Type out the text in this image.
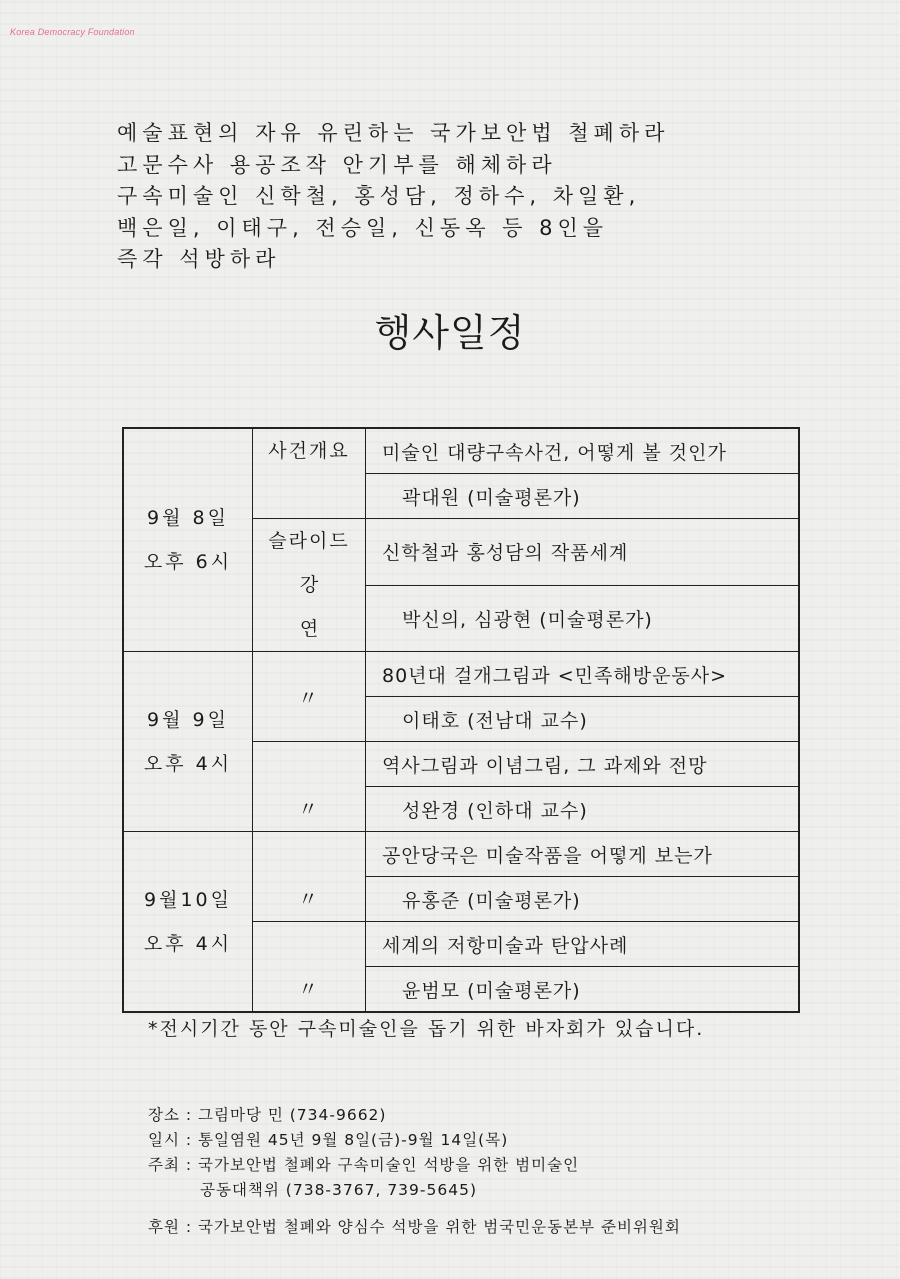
Korea Democracy Foundation
예술표현의 자유 유린하는 국가보안법 철폐하라
고문수사 용공조작 안기부를 해체하라
구속미술인 신학철, 홍성담, 정하수, 차일환,
백은일, 이태구, 전승일, 신동옥 등 8인을
즉각 석방하라
행사일정
9월 8일
오후 6시	사건개요	미술인 대량구속사건, 어떻게 볼 것인가
		곽대원 (미술평론가)

	슬라이드
강 연	신학철과 홍성담의 작품세계
		박신의, 심광현 (미술평론가)

9월 9일
오후 4시	〃	80년대 걸개그림과 <민족해방운동사>
		이태호 (전남대 교수)

	〃	역사그림과 이념그림, 그 과제와 전망
		성완경 (인하대 교수)

9월10일
오후 4시	〃	공안당국은 미술작품을 어떻게 보는가
		유홍준 (미술평론가)

	〃	세계의 저항미술과 탄압사례
		윤범모 (미술평론가)
*전시기간 동안 구속미술인을 돕기 위한 바자회가 있습니다.
장소 : 그림마당 민 (734-9662)
일시 : 통일염원 45년 9월 8일(금)-9월 14일(목)
주최 : 국가보안법 철폐와 구속미술인 석방을 위한 범미술인
공동대책위 (738-3767, 739-5645)
후원 : 국가보안법 철폐와 양심수 석방을 위한 범국민운동본부 준비위원회
